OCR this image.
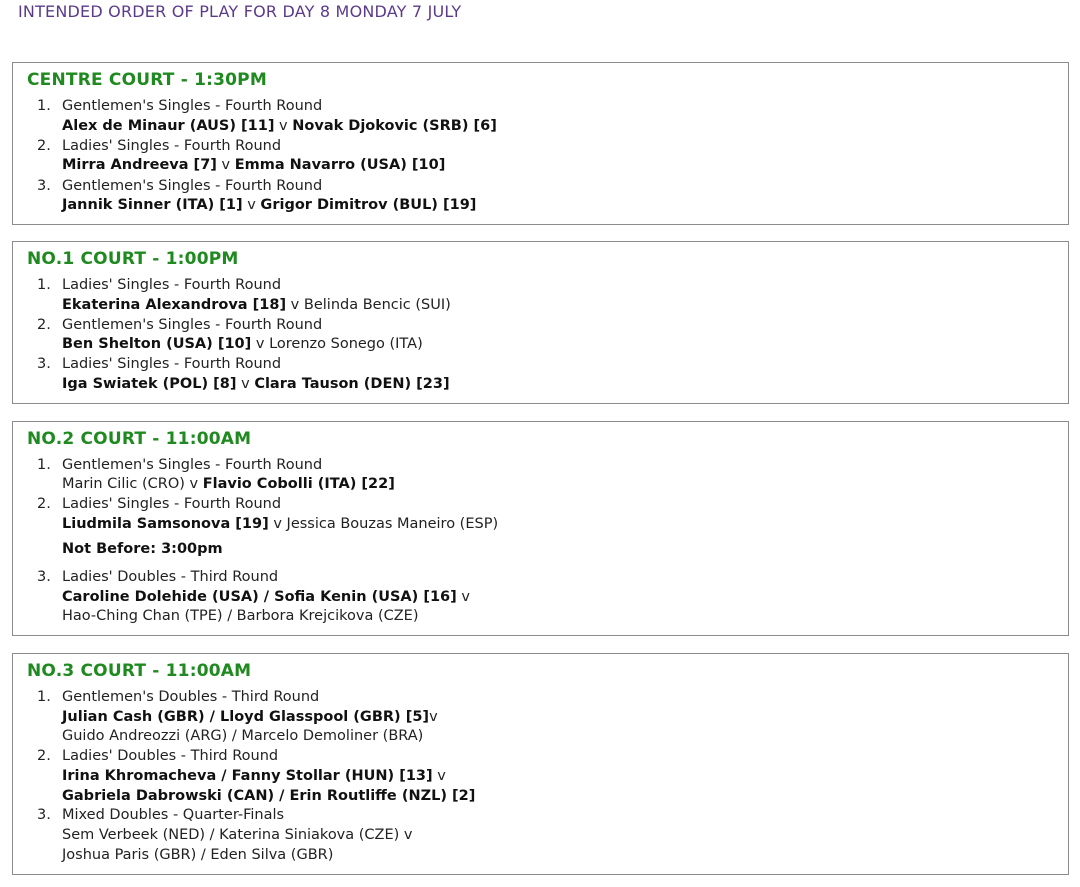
INTENDED ORDER OF PLAY FOR DAY 8 MONDAY 7 JULY
CENTRE COURT - 1:30PM
1. Gentlemen's Singles - Fourth Round
Alex de Minaur (AUS) [11] v Novak Djokovic (SRB) [6]
2. Ladies' Singles - Fourth Round
Mirra Andreeva [7] v Emma Navarro (USA) [10]
3. Gentlemen's Singles - Fourth Round
Jannik Sinner (ITA) [1] v Grigor Dimitrov (BUL) [19]
NO.1 COURT - 1:00PM
1. Ladies' Singles - Fourth Round
Ekaterina Alexandrova [18] v Belinda Bencic (SUI)
2. Gentlemen's Singles - Fourth Round
Ben Shelton (USA) [10] v Lorenzo Sonego (ITA)
3. Ladies' Singles - Fourth Round
Iga Swiatek (POL) [8] v Clara Tauson (DEN) [23]
NO.2 COURT - 11:00AM
1. Gentlemen's Singles - Fourth Round
Marin Cilic (CRO) v Flavio Cobolli (ITA) [22]
2. Ladies' Singles - Fourth Round
Liudmila Samsonova [19] v Jessica Bouzas Maneiro (ESP)
Not Before: 3:00pm
3. Ladies' Doubles - Third Round
Caroline Dolehide (USA) / Sofia Kenin (USA) [16] v
Hao-Ching Chan (TPE) / Barbora Krejcikova (CZE)
NO.3 COURT - 11:00AM
1. Gentlemen's Doubles - Third Round
Julian Cash (GBR) / Lloyd Glasspool (GBR) [5]v
Guido Andreozzi (ARG) / Marcelo Demoliner (BRA)
2. Ladies' Doubles - Third Round
Irina Khromacheva / Fanny Stollar (HUN) [13] v
Gabriela Dabrowski (CAN) / Erin Routliffe (NZL) [2]
3. Mixed Doubles - Quarter-Finals
Sem Verbeek (NED) / Katerina Siniakova (CZE) v
Joshua Paris (GBR) / Eden Silva (GBR)
